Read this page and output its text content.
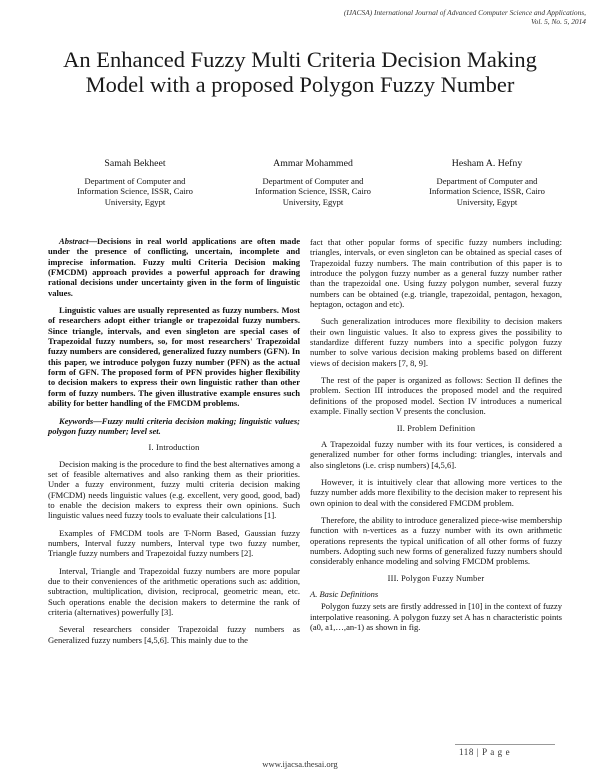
(IJACSA) International Journal of Advanced Computer Science and Applications,
Vol. 5, No. 5, 2014
An Enhanced Fuzzy Multi Criteria Decision Making Model with a proposed Polygon Fuzzy Number
Samah Bekheet
Department of Computer and
Information Science, ISSR, Cairo
University, Egypt
Ammar Mohammed
Department of Computer and
Information Science, ISSR, Cairo
University, Egypt
Hesham A. Hefny
Department of Computer and
Information Science, ISSR, Cairo
University, Egypt

Abstract—Decisions in real world applications are often made under the presence of conflicting, uncertain, incomplete and imprecise information. Fuzzy multi Criteria Decision making (FMCDM) approach provides a powerful approach for drawing rational decisions under uncertainty given in the form of linguistic values.

Linguistic values are usually represented as fuzzy numbers. Most of researchers adopt either triangle or trapezoidal fuzzy numbers. Since triangle, intervals, and even singleton are special cases of Trapezoidal fuzzy numbers, so, for most researchers' Trapezoidal fuzzy numbers are considered, generalized fuzzy numbers (GFN). In this paper, we introduce polygon fuzzy number (PFN) as the actual form of GFN. The proposed form of PFN provides higher flexibility to decision makers to express their own linguistic rather than other form of fuzzy numbers. The given illustrative example ensures such ability for better handling of the FMCDM problems.

Keywords—Fuzzy multi criteria decision making; linguistic values; polygon fuzzy number; level set.

I. Introduction

Decision making is the procedure to find the best alternatives among a set of feasible alternatives and also ranking them as their priorities. Under a fuzzy environment, fuzzy multi criteria decision making (FMCDM) needs linguistic values (e.g. excellent, very good, good, bad) to enable the decision makers to express their own opinions. Such linguistic values need fuzzy tools to evaluate their calculations [1].

Examples of FMCDM tools are T-Norm Based, Gaussian fuzzy numbers, Interval fuzzy numbers, Interval type two fuzzy number, Triangle fuzzy numbers and Trapezoidal fuzzy numbers [2].

Interval, Triangle and Trapezoidal fuzzy numbers are more popular due to their conveniences of the arithmetic operations such as: addition, subtraction, multiplication, division, reciprocal, geometric mean, etc. Such operations enable the decision makers to determine the rank of criteria (alternatives) powerfully [3].

Several researchers consider Trapezoidal fuzzy numbers as Generalized fuzzy numbers [4,5,6]. This mainly due to the

fact that other popular forms of specific fuzzy numbers including: triangles, intervals, or even singleton can be obtained as special cases of Trapezoidal fuzzy numbers. The main contribution of this paper is to introduce the polygon fuzzy number as a general fuzzy number rather than the trapezoidal one. Using fuzzy polygon number, several fuzzy numbers can be obtained (e.g. triangle, trapezoidal, pentagon, hexagon, heptagon, octagon and etc).

Such generalization introduces more flexibility to decision makers their own linguistic values. It also to express gives the possibility to standardize different fuzzy numbers into a specific polygon fuzzy number to solve various decision making problems based on different views of decision makers [7, 8, 9].

The rest of the paper is organized as follows: Section II defines the problem. Section III introduces the proposed model and the required definitions of the proposed model. Section IV introduces a numerical example. Finally section V presents the conclusion.

II. Problem Definition

A Trapezoidal fuzzy number with its four vertices, is considered a generalized number for other forms including: triangles, intervals and also singletons (i.e. crisp numbers) [4,5,6].

However, it is intuitively clear that allowing more vertices to the fuzzy number adds more flexibility to the decision maker to represent his own opinion to deal with the considered FMCDM problem.

Therefore, the ability to introduce generalized piece-wise membership function with n-vertices as a fuzzy number with its own arithmetic operations represents the typical unification of all other forms of fuzzy numbers. Adopting such new forms of generalized fuzzy numbers should considerably enhance modeling and solving FMCDM problems.

III. Polygon Fuzzy Number
A. Basic Definitions

Polygon fuzzy sets are firstly addressed in [10] in the context of fuzzy interpolative reasoning. A polygon fuzzy set A has n characteristic points (a0, a1,…,an-1) as shown in fig.

118 | P a g e
www.ijacsa.thesai.org
